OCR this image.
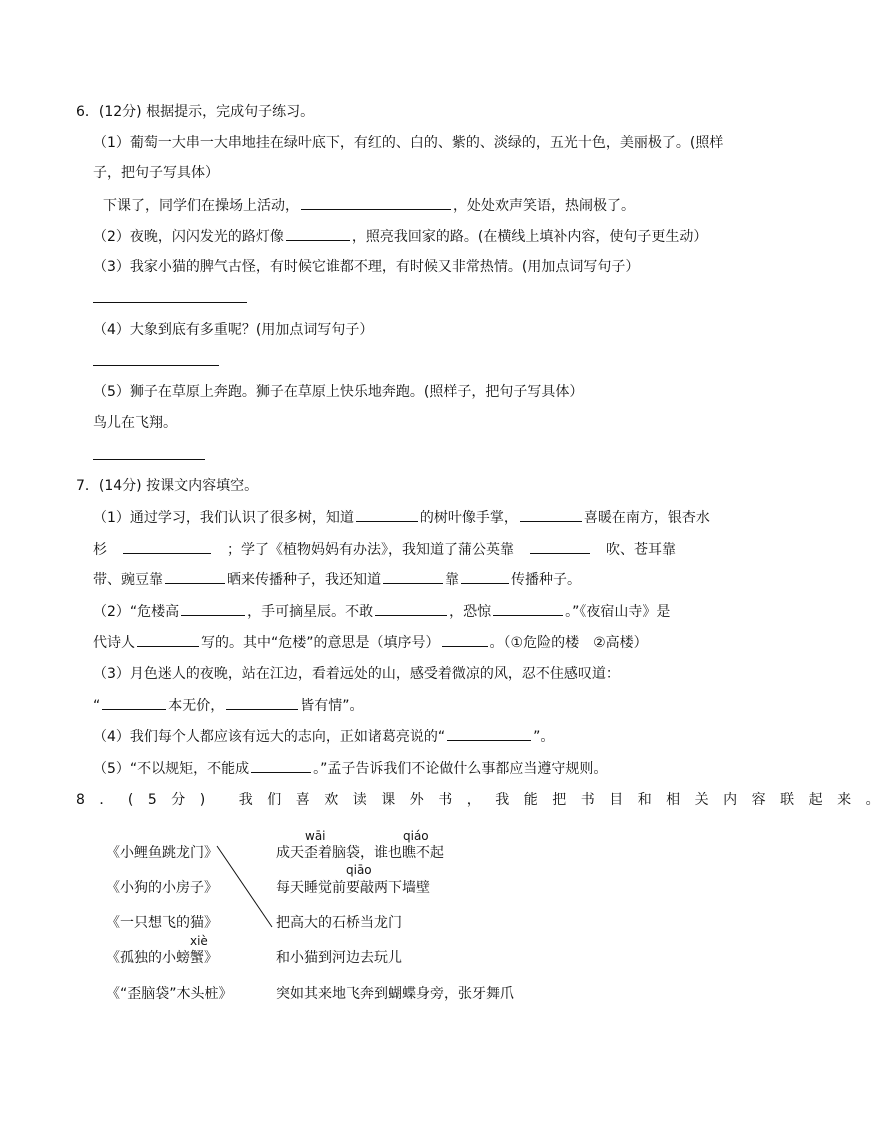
6．(12分) 根据提示，完成句子练习。
（1）葡萄一大串一大串地挂在绿叶底下，有红的、白的、紫的、淡绿的，五光十色，美丽极了。(照样
子，把句子写具体）
下课了，同学们在操场上活动，	，处处欢声笑语，热闹极了。
（2）夜晚，闪闪发光的路灯像	，照亮我回家的路。(在横线上填补内容，使句子更生动）
（3）我家小猫的脾气古怪，有时候它谁都不理，有时候又非常热情。(用加点词写句子）
（4）大象到底有多重呢？(用加点词写句子）
（5）狮子在草原上奔跑。狮子在草原上快乐地奔跑。(照样子，把句子写具体）
鸟儿在飞翔。
7．(14分) 按课文内容填空。
（1）通过学习，我们认识了很多树，知道	的树叶像手掌，	喜暖在南方，银杏水
杉　　	；学了《植物妈妈有办法》，我知道了蒲公英靠　　	吹、苍耳靠
带、豌豆靠	晒来传播种子，我还知道	靠	传播种子。
（2）“危楼高	，手可摘星辰。不敢	，恐惊	。”《夜宿山寺》是
代诗人	写的。其中“危楼”的意思是（填序号）	。（①危险的楼　②高楼）
（3）月色迷人的夜晚，站在江边，看着远处的山，感受着微凉的风，忍不住感叹道：
“	本无价，	皆有情”。
（4）我们每个人都应该有远大的志向，正如诸葛亮说的“	”。
（5）“不以规矩，不能成	。”孟子告诉我们不论做什么事都应当遵守规则。
8．(5分) 我们喜欢读课外书，我能把书目和相关内容联起来。
《小鲤鱼跳龙门》
《小狗的小房子》
《一只想飞的猫》
《孤独的小螃蟹》
《“歪脑袋”木头桩》
成天歪着脑袋，谁也瞧不起
每天睡觉前要敲两下墙壁
把高大的石桥当龙门
和小猫到河边去玩儿
突如其来地飞奔到蝴蝶身旁，张牙舞爪
wāi	qiáo
qiāo
xiè
